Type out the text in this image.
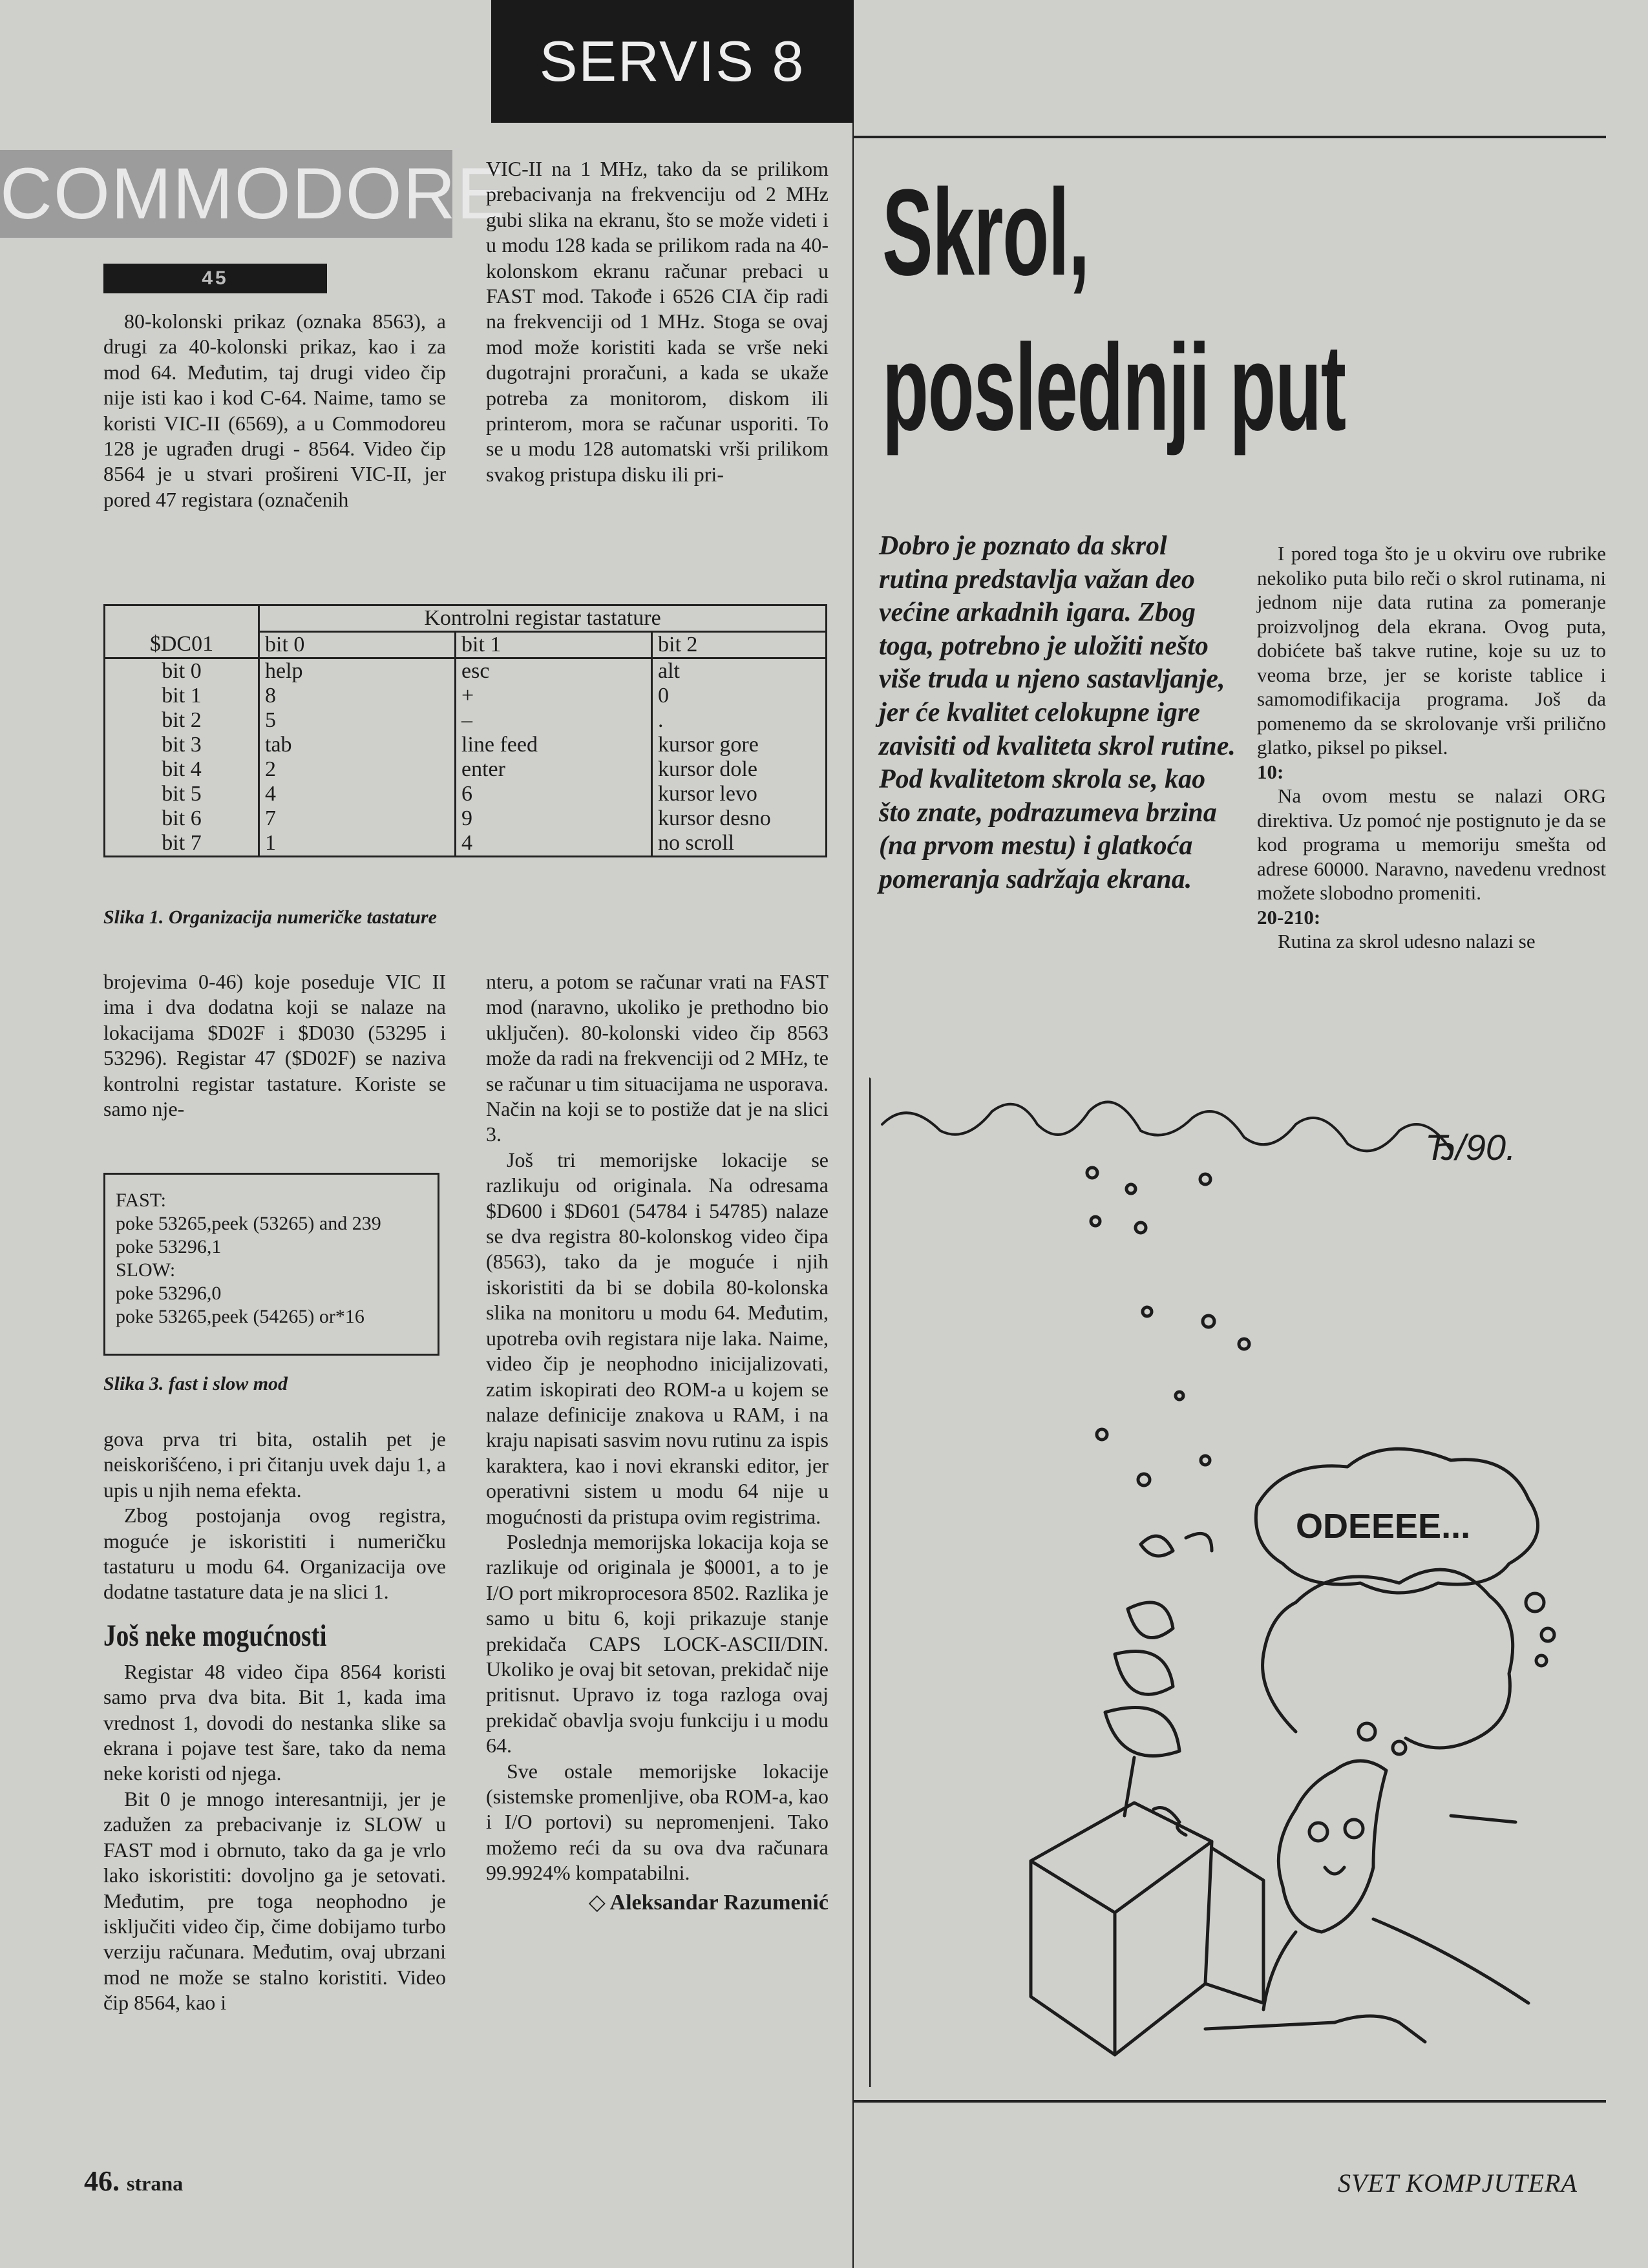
SERVIS 8
COMMODORE
45

80-kolonski prikaz (oznaka 8563), a drugi za 40-kolonski prikaz, kao i za mod 64. Međutim, taj drugi video čip nije isti kao i kod C-64. Naime, tamo se koristi VIC-II (6569), a u Commodoreu 128 je ugrađen drugi - 8564. Video čip 8564 je u stvari prošireni VIC-II, jer pored 47 registara (označenih

VIC-II na 1 MHz, tako da se prilikom prebacivanja na frekvenciju od 2 MHz gubi slika na ekranu, što se može videti i u modu 128 kada se prilikom rada na 40-kolonskom ekranu računar prebaci u FAST mod. Takođe i 6526 CIA čip radi na frekvenciji od 1 MHz. Stoga se ovaj mod može koristiti kada se vrše neki dugotrajni proračuni, a kada se ukaže potreba za monitorom, diskom ili printerom, mora se računar usporiti. To se u modu 128 automatski vrši prilikom svakog pristupa disku ili pri-

Skrol,
poslednji put
Dobro je poznato da skrol rutina predstavlja važan deo većine arkadnih igara. Zbog toga, potrebno je uložiti nešto više truda u njeno sastavljanje, jer će kvalitet celokupne igre zavisiti od kvaliteta skrol rutine. Pod kvalitetom skrola se, kao što znate, podrazumeva brzina (na prvom mestu) i glatkoća pomeranja sadržaja ekrana.

I pored toga što je u okviru ove rubrike nekoliko puta bilo reči o skrol rutinama, ni jednom nije data rutina za pomeranje proizvoljnog dela ekrana. Ovog puta, dobićete baš takve rutine, koje su uz to veoma brze, jer se koriste tablice i samomodifikacija programa. Još da pomenemo da se skrolovanje vrši prilično glatko, piksel po piksel.

10:

Na ovom mestu se nalazi ORG direktiva. Uz pomoć nje postignuto je da se kod programa u memoriju smešta od adrese 60000. Naravno, navedenu vrednost možete slobodno promeniti.

20-210:

Rutina za skrol udesno nalazi se

	Kontrolni registar tastature		
$DC01	bit 0	bit 1	bit 2
bit 0	help	esc	alt
bit 1	8	+	0
bit 2	5	–	.
bit 3	tab	line feed	kursor gore
bit 4	2	enter	kursor dole
bit 5	4	6	kursor levo
bit 6	7	9	kursor desno
bit 7	1	4	no scroll
Slika 1. Organizacija numeričke tastature

brojevima 0-46) koje poseduje VIC II ima i dva dodatna koji se nalaze na lokacijama $D02F i $D030 (53295 i 53296). Registar 47 ($D02F) se naziva kontrolni registar tastature. Koriste se samo nje-

FAST:
poke 53265,peek (53265) and 239
poke 53296,1
SLOW:
poke 53296,0
poke 53265,peek (54265) or*16
Slika 3. fast i slow mod

gova prva tri bita, ostalih pet je neiskorišćeno, i pri čitanju uvek daju 1, a upis u njih nema efekta.

Zbog postojanja ovog registra, moguće je iskoristiti i numeričku tastaturu u modu 64. Organizacija ove dodatne tastature data je na slici 1.

Još neke mogućnosti

Registar 48 video čipa 8564 koristi samo prva dva bita. Bit 1, kada ima vrednost 1, dovodi do nestanka slike sa ekrana i pojave test šare, tako da nema neke koristi od njega.

Bit 0 je mnogo interesantniji, jer je zadužen za prebacivanje iz SLOW u FAST mod i obrnuto, tako da ga je vrlo lako iskoristiti: dovoljno ga je setovati. Međutim, pre toga neophodno je isključiti video čip, čime dobijamo turbo verziju računara. Međutim, ovaj ubrzani mod ne može se stalno koristiti. Video čip 8564, kao i

nteru, a potom se računar vrati na FAST mod (naravno, ukoliko je prethodno bio uključen). 80-kolonski video čip 8563 može da radi na frekvenciji od 2 MHz, te se računar u tim situacijama ne usporava. Način na koji se to postiže dat je na slici 3.

Još tri memorijske lokacije se razlikuju od originala. Na odresama $D600 i $D601 (54784 i 54785) nalaze se dva registra 80-kolonskog video čipa (8563), tako da je moguće i njih iskoristiti da bi se dobila 80-kolonska slika na monitoru u modu 64. Međutim, upotreba ovih registara nije laka. Naime, video čip je neophodno inicijalizovati, zatim iskopirati deo ROM-a u kojem se nalaze definicije znakova u RAM, i na kraju napisati sasvim novu rutinu za ispis karaktera, kao i novi ekranski editor, jer operativni sistem u modu 64 nije u mogućnosti da pristupa ovim registrima.

Poslednja memorijska lokacija koja se razlikuje od originala je $0001, a to je I/O port mikroprocesora 8502. Razlika je samo u bitu 6, koji prikazuje stanje prekidača CAPS LOCK-ASCII/DIN. Ukoliko je ovaj bit setovan, prekidač nije pritisnut. Upravo iz toga razloga ovaj prekidač obavlja svoju funkciju i u modu 64.

Sve ostale memorijske lokacije (sistemske promenljive, oba ROM-a, kao i I/O portovi) su nepromenjeni. Tako možemo reći da su ova dva računara 99.9924% kompatabilni.

◇ Aleksandar Razumenić

ODEEEE...
Ђ/90.
46. strana	SVET KOMPJUTERA
